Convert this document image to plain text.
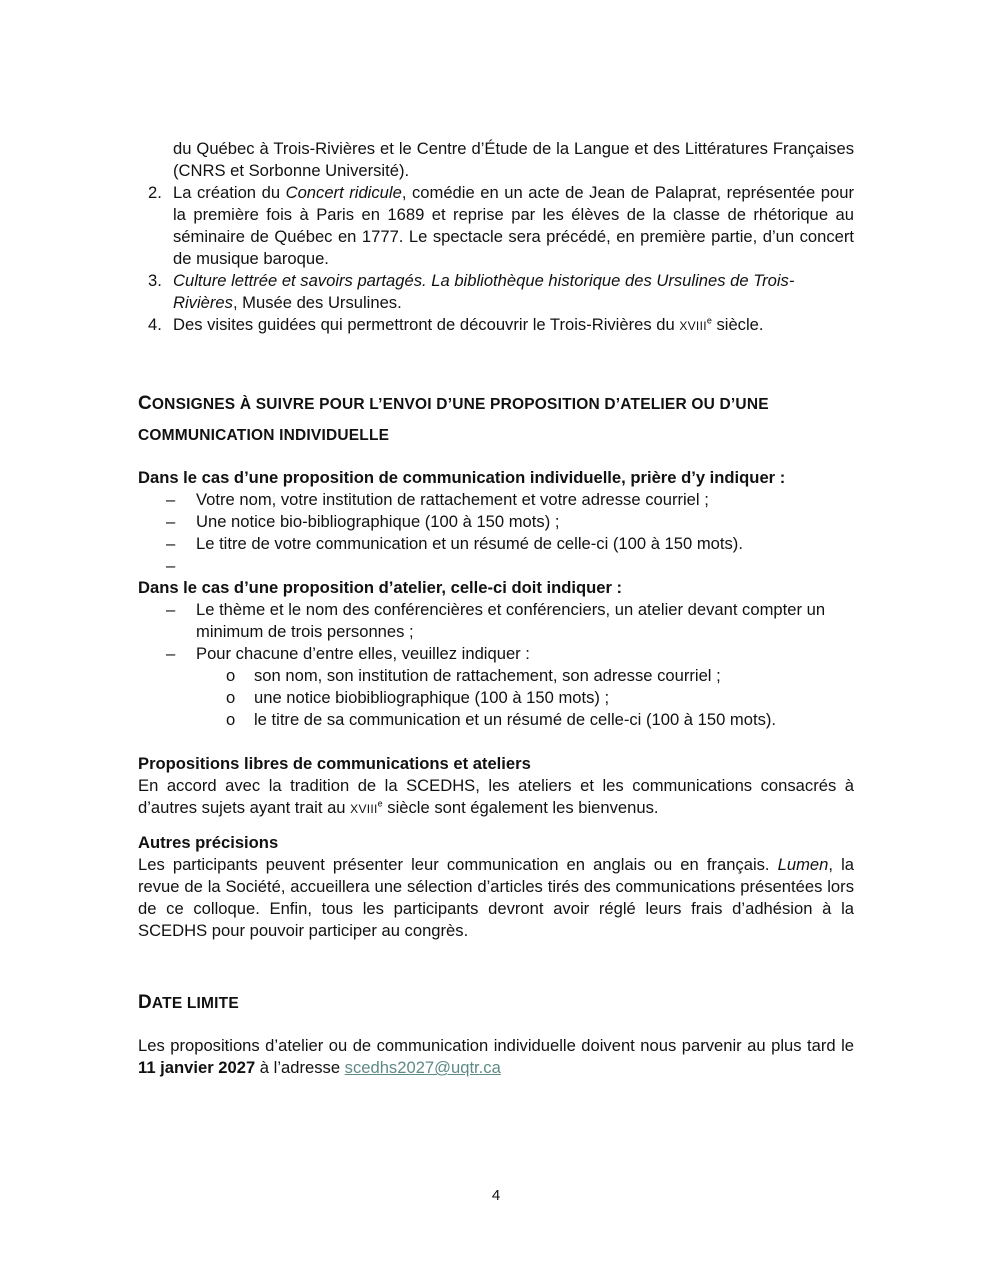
du Québec à Trois-Rivières et le Centre d’Étude de la Langue et des Littératures Françaises (CNRS et Sorbonne Université).

2. La création du Concert ridicule, comédie en un acte de Jean de Palaprat, représentée pour la première fois à Paris en 1689 et reprise par les élèves de la classe de rhétorique au séminaire de Québec en 1777. Le spectacle sera précédé, en première partie, d’un concert de musique baroque.

3. Culture lettrée et savoirs partagés. La bibliothèque historique des Ursulines de Trois-Rivières, Musée des Ursulines.

4. Des visites guidées qui permettront de découvrir le Trois-Rivières du XVIIIe siècle.

CONSIGNES À SUIVRE POUR L’ENVOI D’UNE PROPOSITION D’ATELIER OU D’UNE
COMMUNICATION INDIVIDUELLE

Dans le cas d’une proposition de communication individuelle, prière d’y indiquer :

– Votre nom, votre institution de rattachement et votre adresse courriel ;
– Une notice bio-bibliographique (100 à 150 mots) ;
– Le titre de votre communication et un résumé de celle-ci (100 à 150 mots).
–

Dans le cas d’une proposition d’atelier, celle-ci doit indiquer :

– Le thème et le nom des conférencières et conférenciers, un atelier devant compter un minimum de trois personnes ;
– Pour chacune d’entre elles, veuillez indiquer :
o son nom, son institution de rattachement, son adresse courriel ;
o une notice biobibliographique (100 à 150 mots) ;
o le titre de sa communication et un résumé de celle-ci (100 à 150 mots).

Propositions libres de communications et ateliers

En accord avec la tradition de la SCEDHS, les ateliers et les communications consacrés à d’autres sujets ayant trait au XVIIIe siècle sont également les bienvenus.

Autres précisions

Les participants peuvent présenter leur communication en anglais ou en français. Lumen, la revue de la Société, accueillera une sélection d’articles tirés des communications présentées lors de ce colloque. Enfin, tous les participants devront avoir réglé leurs frais d’adhésion à la SCEDHS pour pouvoir participer au congrès.

DATE LIMITE

Les propositions d’atelier ou de communication individuelle doivent nous parvenir au plus tard le 11 janvier 2027 à l’adresse scedhs2027@uqtr.ca

4
